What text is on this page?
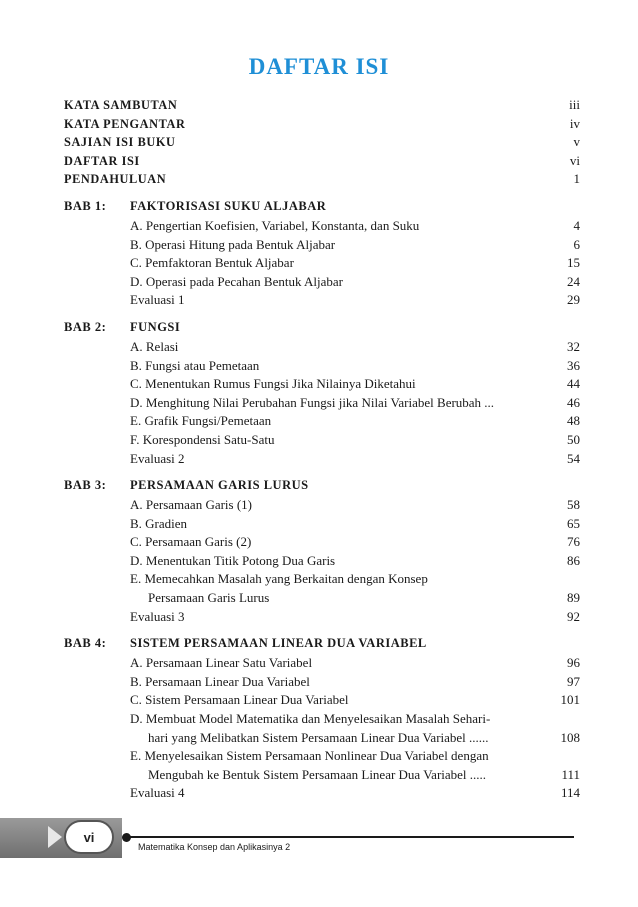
DAFTAR ISI
KATA SAMBUTAN	iii
KATA PENGANTAR	iv
SAJIAN ISI BUKU	v
DAFTAR ISI	vi
PENDAHULUAN	1
BAB 1: FAKTORISASI SUKU ALJABAR
A. Pengertian Koefisien, Variabel, Konstanta, dan Suku	4
B. Operasi Hitung pada Bentuk Aljabar	6
C. Pemfaktoran Bentuk Aljabar	15
D. Operasi pada Pecahan Bentuk Aljabar	24
Evaluasi 1	29
BAB 2: FUNGSI
A. Relasi	32
B. Fungsi atau Pemetaan	36
C. Menentukan Rumus Fungsi Jika Nilainya Diketahui	44
D. Menghitung Nilai Perubahan Fungsi jika Nilai Variabel Berubah ...	46
E. Grafik Fungsi/Pemetaan	48
F. Korespondensi Satu-Satu	50
Evaluasi 2	54
BAB 3: PERSAMAAN GARIS LURUS
A. Persamaan Garis (1)	58
B. Gradien	65
C. Persamaan Garis (2)	76
D. Menentukan Titik Potong Dua Garis	86
E. Memecahkan Masalah yang Berkaitan dengan Konsep
Persamaan Garis Lurus	89
Evaluasi 3	92
BAB 4: SISTEM PERSAMAAN LINEAR DUA VARIABEL
A. Persamaan Linear Satu Variabel	96
B. Persamaan Linear Dua Variabel	97
C. Sistem Persamaan Linear Dua Variabel	101
D. Membuat Model Matematika dan Menyelesaikan Masalah Sehari-
hari yang Melibatkan Sistem Persamaan Linear Dua Variabel ......	108
E. Menyelesaikan Sistem Persamaan Nonlinear Dua Variabel dengan
Mengubah ke Bentuk Sistem Persamaan Linear Dua Variabel .....	111
Evaluasi 4	114
vi
Matematika Konsep dan Aplikasinya 2
